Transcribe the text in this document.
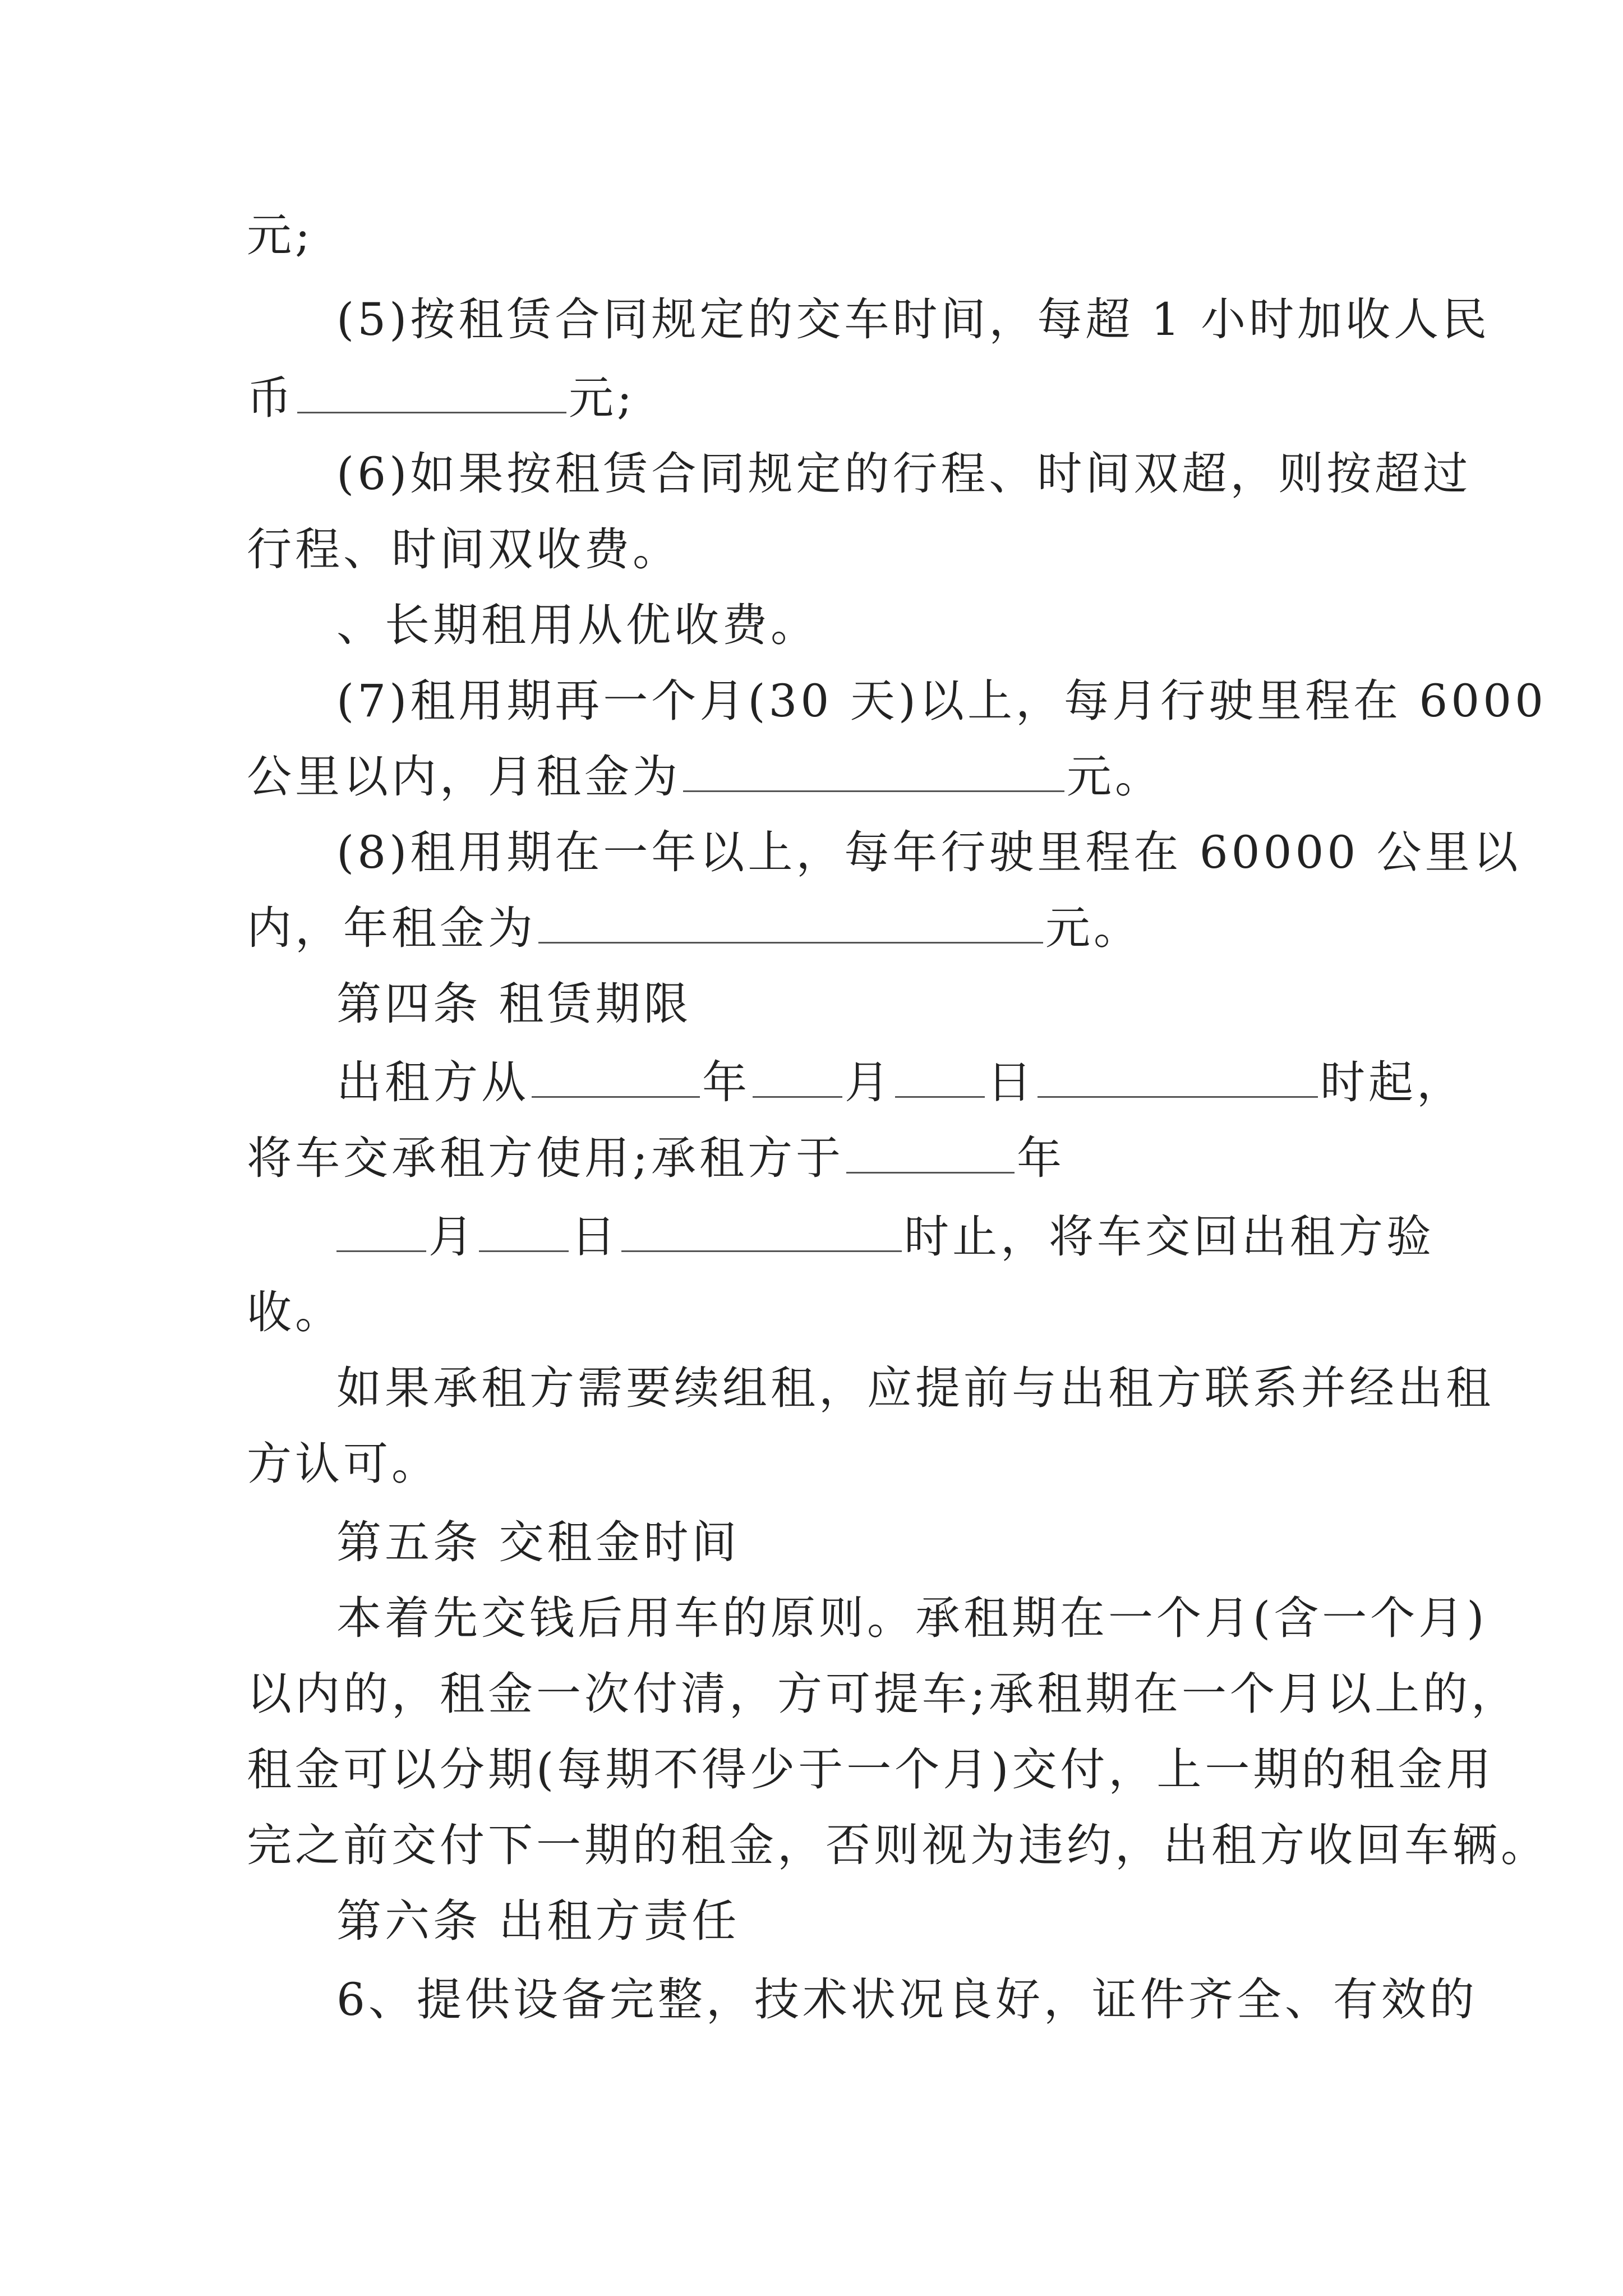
元;
(5)按租赁合同规定的交车时间，每超 1 小时加收人民
币	元;
(6)如果按租赁合同规定的行程、时间双超，则按超过
行程、时间双收费。
、长期租用从优收费。
(7)租用期再一个月(30 天)以上，每月行驶里程在 6000
公里以内，月租金为	元。
(8)租用期在一年以上，每年行驶里程在 60000 公里以
内，年租金为	元。
第四条 租赁期限
出租方从	年 月 日	时起，
将车交承租方使用;承租方于	年
月 日	时止，将车交回出租方验
收。
如果承租方需要续组租，应提前与出租方联系并经出租
方认可。
第五条 交租金时间
本着先交钱后用车的原则。承租期在一个月(含一个月)
以内的，租金一次付清，方可提车;承租期在一个月以上的，
租金可以分期(每期不得少于一个月)交付，上一期的租金用
完之前交付下一期的租金，否则视为违约，出租方收回车辆。
第六条 出租方责任
6、提供设备完整，技术状况良好，证件齐全、有效的
